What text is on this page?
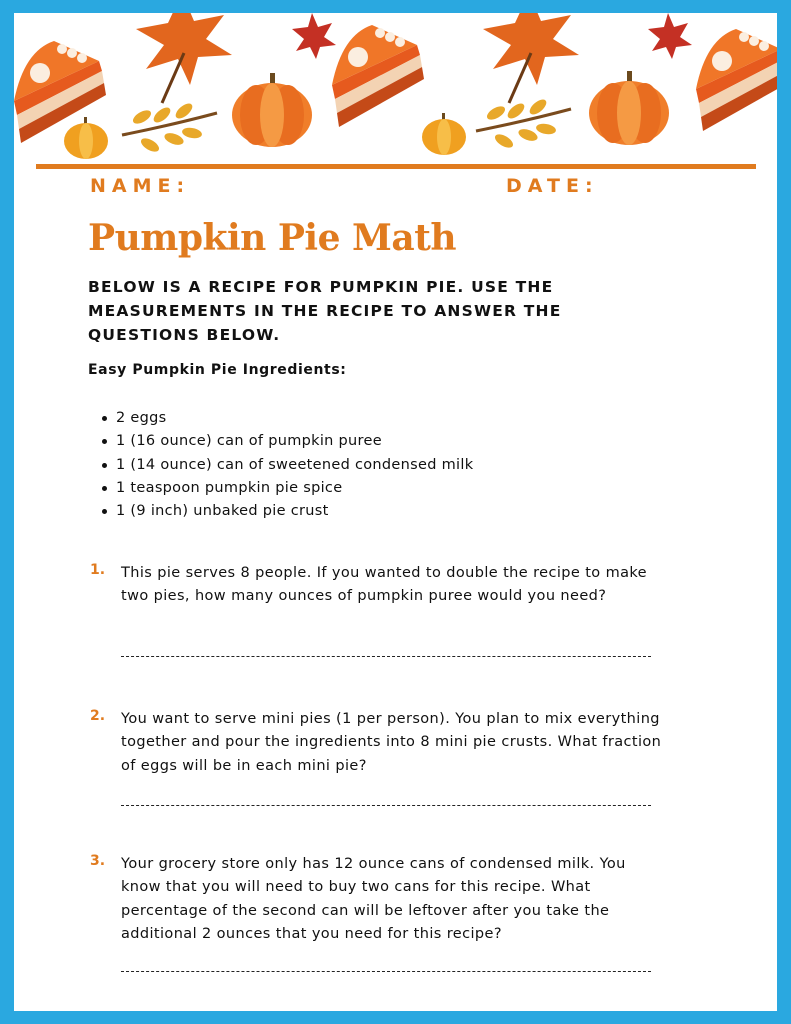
NAME:	DATE:
Pumpkin Pie Math

BELOW IS A RECIPE FOR PUMPKIN PIE. USE THE MEASUREMENTS IN THE RECIPE TO ANSWER THE QUESTIONS BELOW.

Easy Pumpkin Pie Ingredients:

2 eggs
1 (16 ounce) can of pumpkin puree
1 (14 ounce) can of sweetened condensed milk
1 teaspoon pumpkin pie spice
1 (9 inch) unbaked pie crust
1. This pie serves 8 people. If you wanted to double the recipe to make two pies, how many ounces of pumpkin puree would you need?

2. You want to serve mini pies (1 per person). You plan to mix everything together and pour the ingredients into 8 mini pie crusts. What fraction of eggs will be in each mini pie?

3. Your grocery store only has 12 ounce cans of condensed milk. You know that you will need to buy two cans for this recipe. What percentage of the second can will be leftover after you take the additional 2 ounces that you need for this recipe?
